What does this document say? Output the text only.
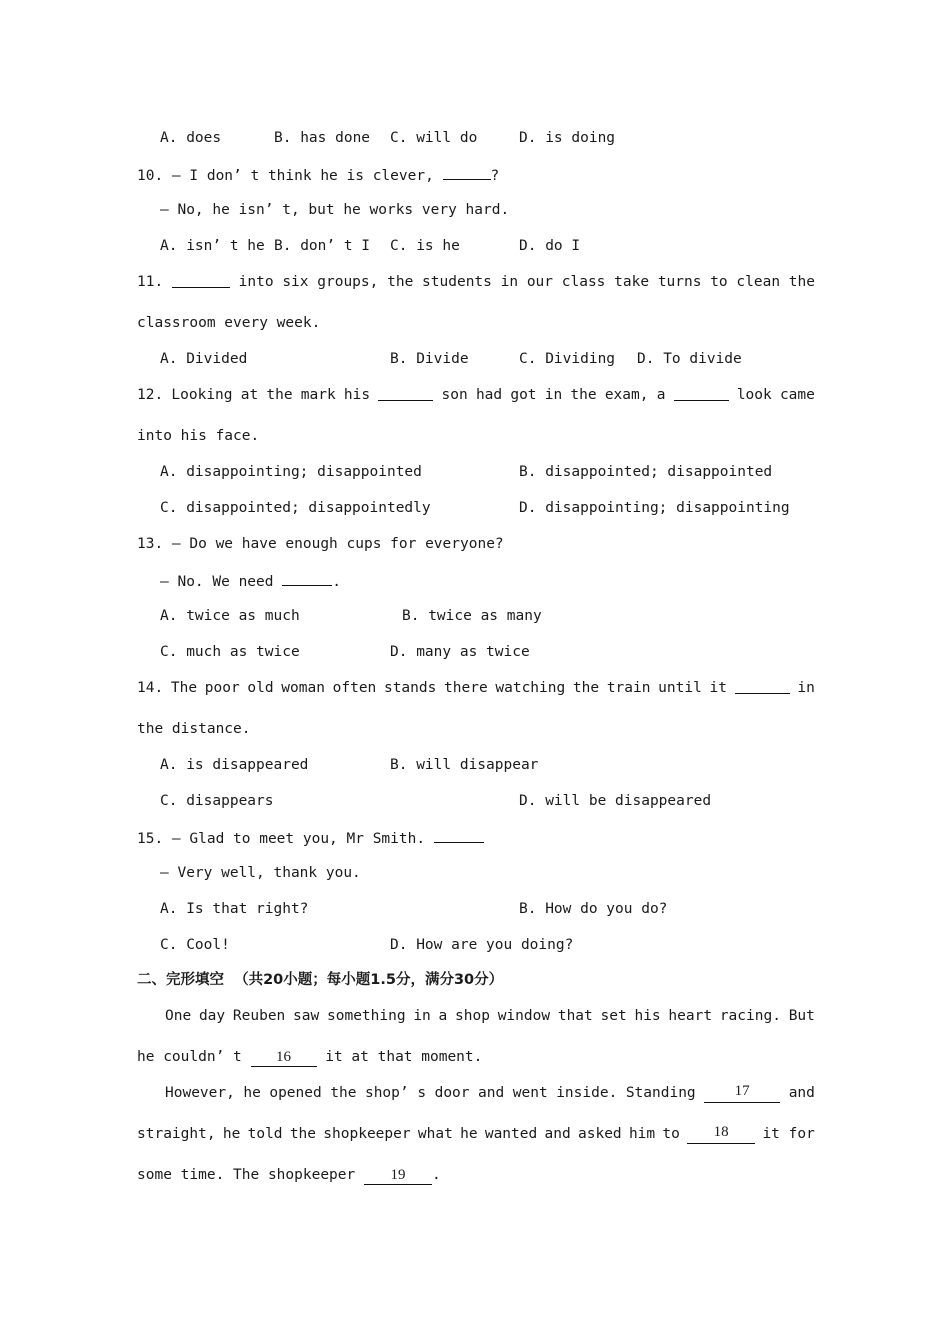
A. does	B. has done C. will do	D. is doing
10. — I don’ t think he is clever,	?
— No, he isn’ t, but he works very hard.
A. isn’ t he B. don’ t I C. is he	D. do I
11.	into six groups, the students in our class take turns to clean the
classroom every week.
A. Divided	B. Divide	C. Dividing D. To divide
12. Looking at the mark his	son had got in the exam, a	look came
into his face.
A. disappointing; disappointed	B. disappointed; disappointed
C. disappointed; disappointedly	D. disappointing; disappointing
13. — Do we have enough cups for everyone?
— No. We need	.
A. twice as much	B. twice as many
C. much as twice	D. many as twice
14. The poor old woman often stands there watching the train until it	in
the distance.
A. is disappeared	B. will disappear
C. disappears	D. will be disappeared
15. — Glad to meet you, Mr Smith.
— Very well, thank you.
A. Is that right?	B. How do you do?
C. Cool!	D. How are you doing?
二、完形填空  （共20小题；每小题1.5分，满分30分）
One day Reuben saw something in a shop window that set his heart racing. But
he couldn’ t 16 it at that moment.
However, he opened the shop’ s door and went inside. Standing	17	and
straight, he told the shopkeeper what he wanted and asked him to	18	it for
some time. The shopkeeper 19 .
